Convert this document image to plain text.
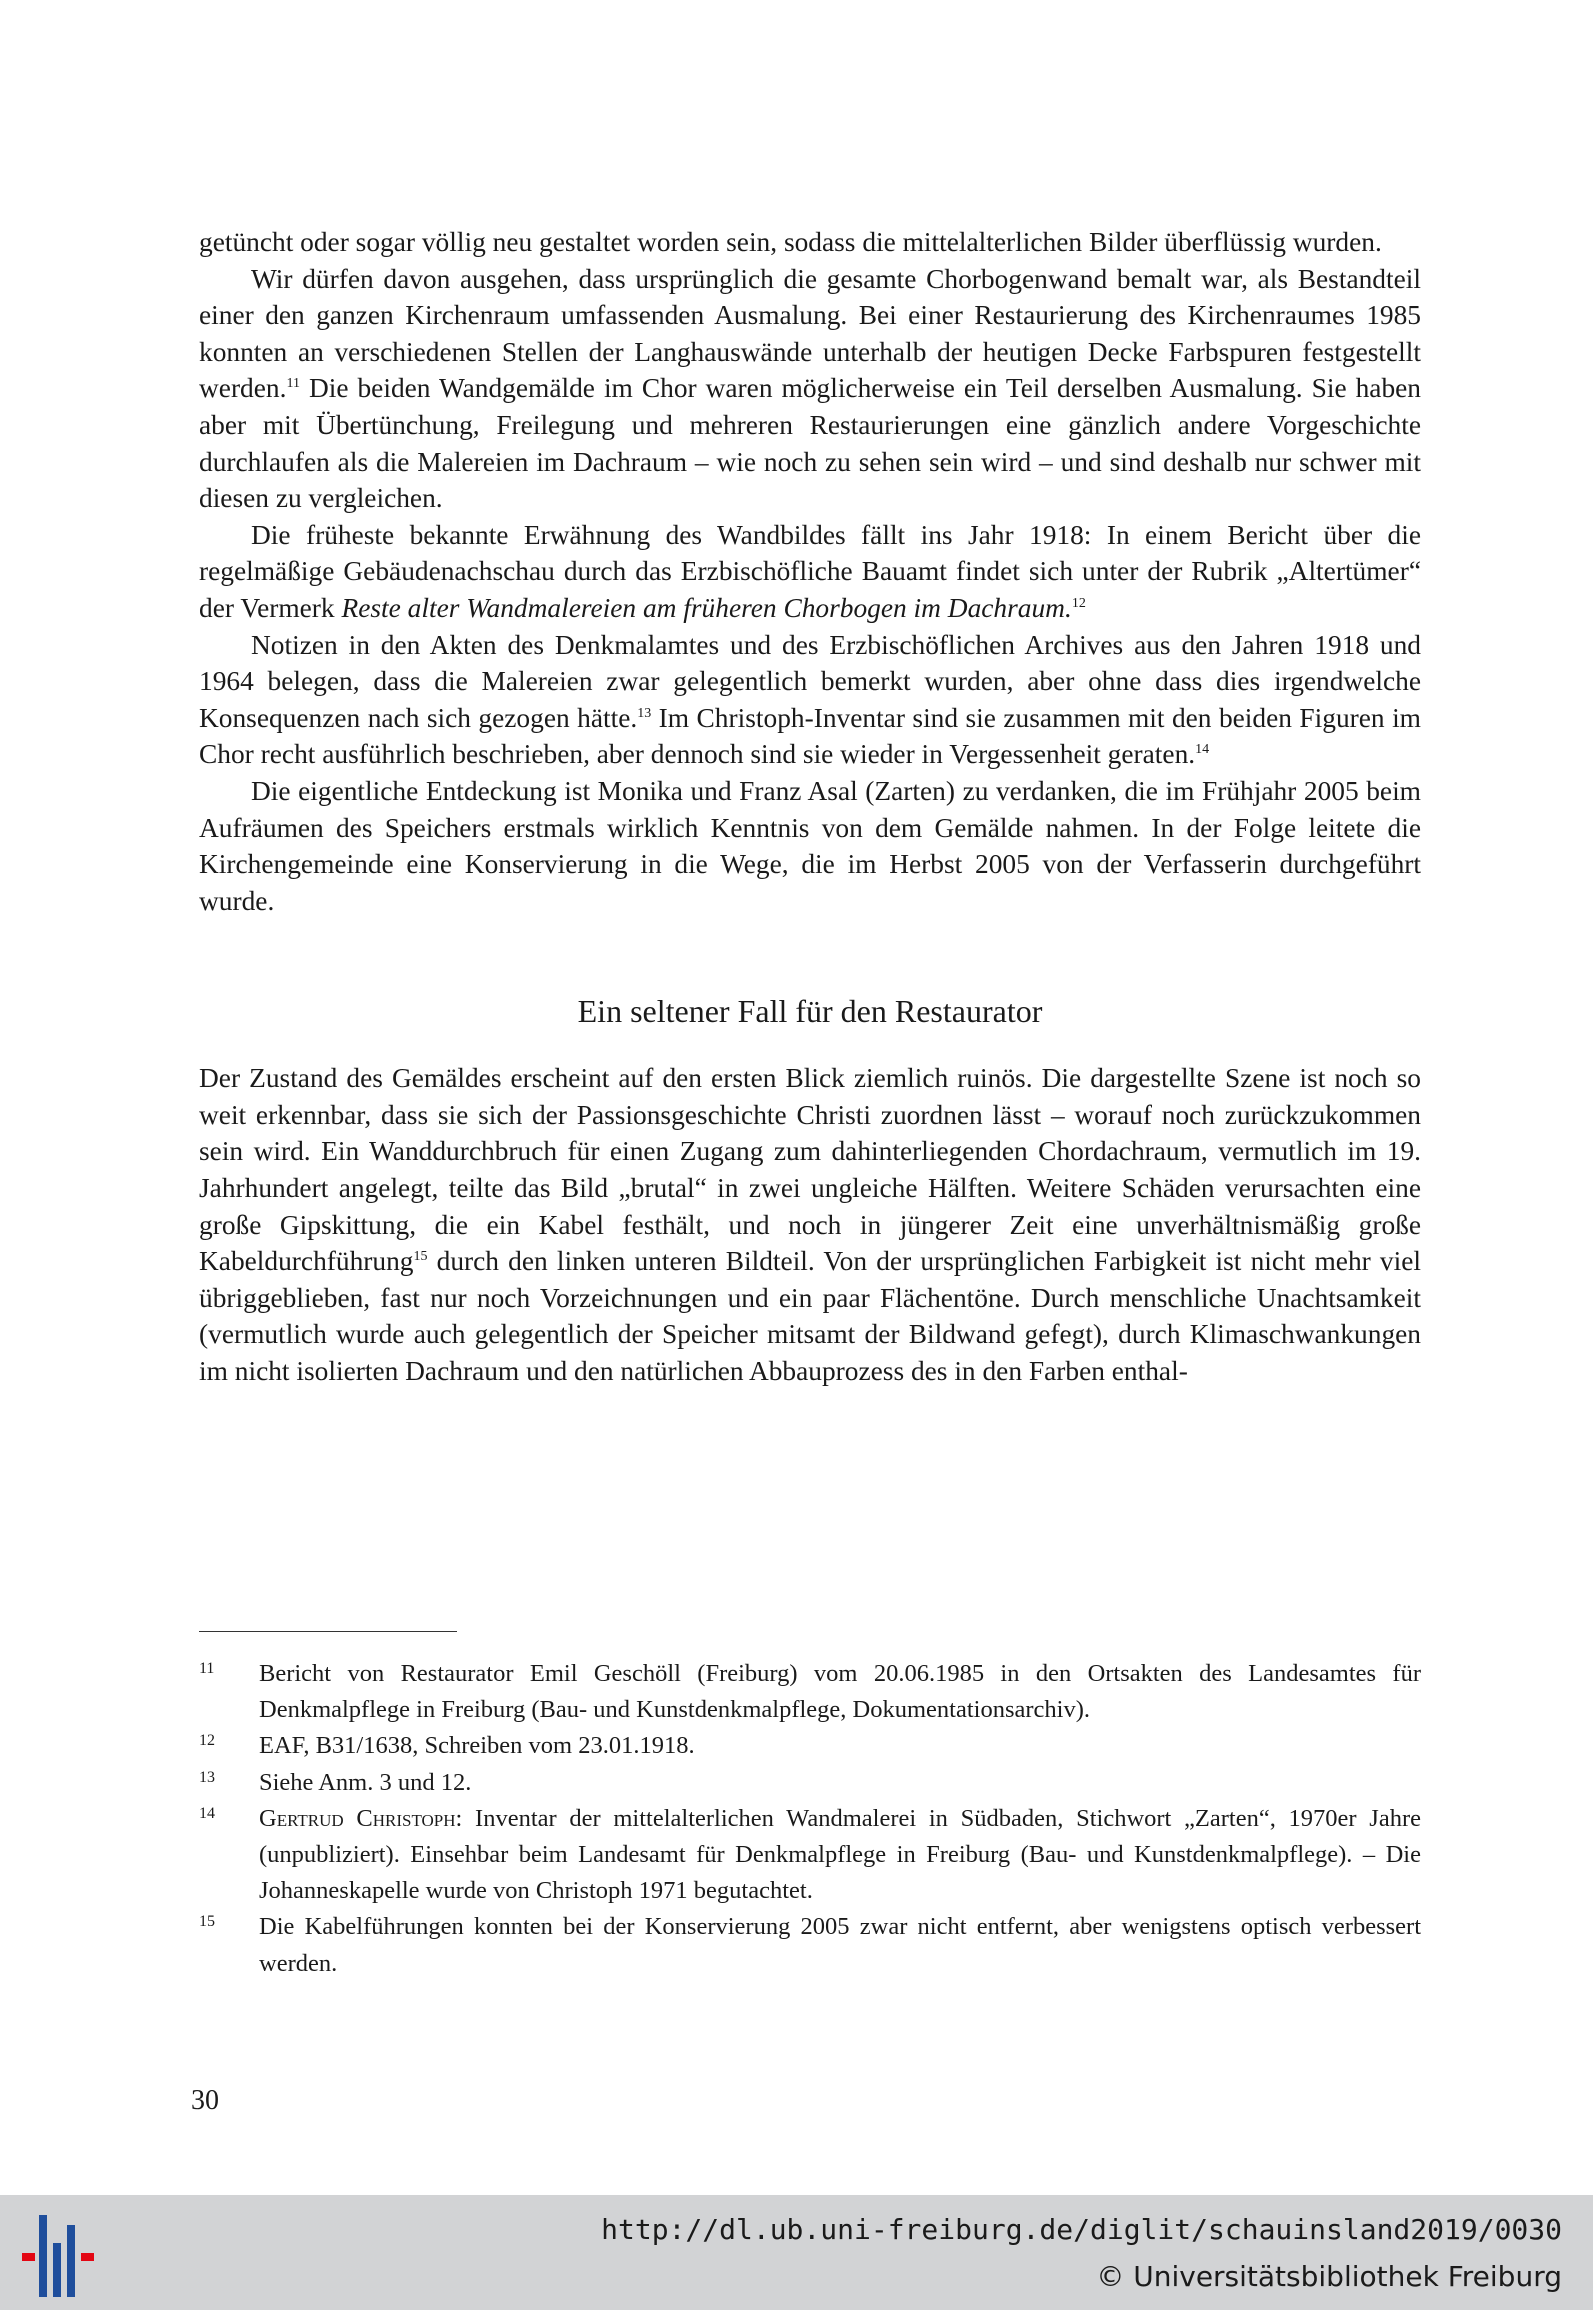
getüncht oder sogar völlig neu gestaltet worden sein, sodass die mittelalterlichen Bilder überflüssig wurden.

Wir dürfen davon ausgehen, dass ursprünglich die gesamte Chorbogenwand bemalt war, als Bestandteil einer den ganzen Kirchenraum umfassenden Ausmalung. Bei einer Restaurierung des Kirchenraumes 1985 konnten an verschiedenen Stellen der Langhauswände unterhalb der heutigen Decke Farbspuren festgestellt werden.$^{11}$ Die beiden Wandgemälde im Chor waren möglicherweise ein Teil derselben Ausmalung. Sie haben aber mit Übertünchung, Freilegung und mehreren Restaurierungen eine gänzlich andere Vorgeschichte durchlaufen als die Malereien im Dachraum – wie noch zu sehen sein wird – und sind deshalb nur schwer mit diesen zu vergleichen.

Die früheste bekannte Erwähnung des Wandbildes fällt ins Jahr 1918: In einem Bericht über die regelmäßige Gebäudenachschau durch das Erzbischöfliche Bauamt findet sich unter der Rubrik „Altertümer“ der Vermerk Reste alter Wandmalereien am früheren Chorbogen im Dachraum.$^{12}$

Notizen in den Akten des Denkmalamtes und des Erzbischöflichen Archives aus den Jahren 1918 und 1964 belegen, dass die Malereien zwar gelegentlich bemerkt wurden, aber ohne dass dies irgendwelche Konsequenzen nach sich gezogen hätte.$^{13}$ Im Christoph-Inventar sind sie zusammen mit den beiden Figuren im Chor recht ausführlich beschrieben, aber dennoch sind sie wieder in Vergessenheit geraten.$^{14}$

Die eigentliche Entdeckung ist Monika und Franz Asal (Zarten) zu verdanken, die im Frühjahr 2005 beim Aufräumen des Speichers erstmals wirklich Kenntnis von dem Gemälde nahmen. In der Folge leitete die Kirchengemeinde eine Konservierung in die Wege, die im Herbst 2005 von der Verfasserin durchgeführt wurde.

Ein seltener Fall für den Restaurator

Der Zustand des Gemäldes erscheint auf den ersten Blick ziemlich ruinös. Die dargestellte Szene ist noch so weit erkennbar, dass sie sich der Passionsgeschichte Christi zuordnen lässt – worauf noch zurückzukommen sein wird. Ein Wanddurchbruch für einen Zugang zum dahinterliegenden Chordachraum, vermutlich im 19. Jahrhundert angelegt, teilte das Bild „brutal“ in zwei ungleiche Hälften. Weitere Schäden verursachten eine große Gipskittung, die ein Kabel festhält, und noch in jüngerer Zeit eine unverhältnismäßig große Kabeldurchführung$^{15}$ durch den linken unteren Bildteil. Von der ursprünglichen Farbigkeit ist nicht mehr viel übriggeblieben, fast nur noch Vorzeichnungen und ein paar Flächentöne. Durch menschliche Unachtsamkeit (vermutlich wurde auch gelegentlich der Speicher mitsamt der Bildwand gefegt), durch Klimaschwankungen im nicht isolierten Dachraum und den natürlichen Abbauprozess des in den Farben enthal-

11	Bericht von Restaurator Emil Geschöll (Freiburg) vom 20.06.1985 in den Ortsakten des Landesamtes für Denkmalpflege in Freiburg (Bau- und Kunstdenkmalpflege, Dokumentationsarchiv).
12	EAF, B31/1638, Schreiben vom 23.01.1918.
13	Siehe Anm. 3 und 12.
14	Gertrud Christoph: Inventar der mittelalterlichen Wandmalerei in Südbaden, Stichwort „Zarten“, 1970er Jahre (unpubliziert). Einsehbar beim Landesamt für Denkmalpflege in Freiburg (Bau- und Kunstdenkmalpflege). – Die Johanneskapelle wurde von Christoph 1971 begutachtet.
15	Die Kabelführungen konnten bei der Konservierung 2005 zwar nicht entfernt, aber wenigstens optisch verbessert werden.
30
http://dl.ub.uni-freiburg.de/diglit/schauinsland2019/0030
© Universitätsbibliothek Freiburg
